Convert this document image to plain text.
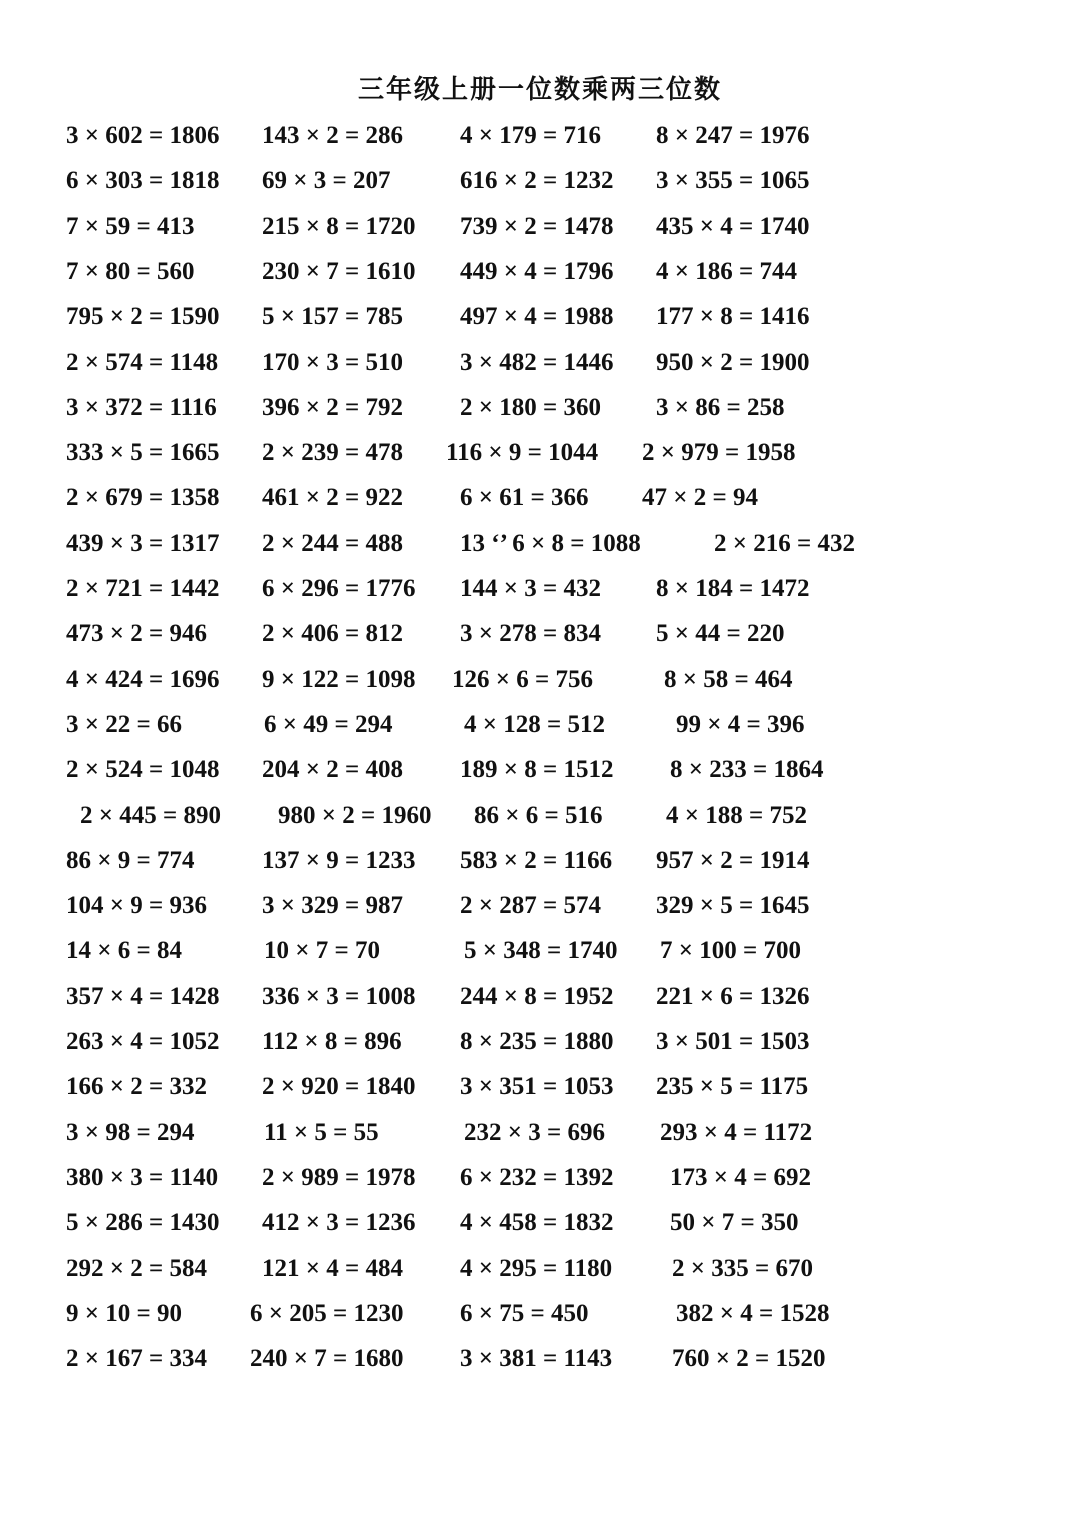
三年级上册一位数乘两三位数
3 × 602 = 1806 143 × 2 = 286 4 × 179 = 716 8 × 247 = 1976
6 × 303 = 1818 69 × 3 = 207	616 × 2 = 1232 3 × 355 = 1065
7 × 59 = 413	215 × 8 = 1720 739 × 2 = 1478 435 × 4 = 1740
7 × 80 = 560	230 × 7 = 1610 449 × 4 = 1796 4 × 186 = 744
795 × 2 = 1590 5 × 157 = 785 497 × 4 = 1988 177 × 8 = 1416
2 × 574 = 1148 170 × 3 = 510 3 × 482 = 1446 950 × 2 = 1900
3 × 372 = 1116 396 × 2 = 792 2 × 180 = 360 3 × 86 = 258
333 × 5 = 1665 2 × 239 = 478 116 × 9 = 1044 2 × 979 = 1958
2 × 679 = 1358 461 × 2 = 922 6 × 61 = 366 47 × 2 = 94
439 × 3 = 1317 2 × 244 = 488 13 ‘’ 6 × 8 = 1088	2 × 216 = 432
2 × 721 = 1442 6 × 296 = 1776 144 × 3 = 432 8 × 184 = 1472
473 × 2 = 946 2 × 406 = 812 3 × 278 = 834 5 × 44 = 220
4 × 424 = 1696 9 × 122 = 1098 126 × 6 = 756	8 × 58 = 464
3 × 22 = 66	6 × 49 = 294	4 × 128 = 512	99 × 4 = 396
2 × 524 = 1048 204 × 2 = 408 189 × 8 = 1512 8 × 233 = 1864
2 × 445 = 890 980 × 2 = 1960 86 × 6 = 516	4 × 188 = 752
86 × 9 = 774	137 × 9 = 1233 583 × 2 = 1166 957 × 2 = 1914
104 × 9 = 936 3 × 329 = 987 2 × 287 = 574 329 × 5 = 1645
14 × 6 = 84	10 × 7 = 70	5 × 348 = 1740 7 × 100 = 700
357 × 4 = 1428 336 × 3 = 1008 244 × 8 = 1952 221 × 6 = 1326
263 × 4 = 1052 112 × 8 = 896 8 × 235 = 1880 3 × 501 = 1503
166 × 2 = 332 2 × 920 = 1840 3 × 351 = 1053 235 × 5 = 1175
3 × 98 = 294	11 × 5 = 55	232 × 3 = 696 293 × 4 = 1172
380 × 3 = 1140 2 × 989 = 1978 6 × 232 = 1392 173 × 4 = 692
5 × 286 = 1430 412 × 3 = 1236 4 × 458 = 1832 50 × 7 = 350
292 × 2 = 584 121 × 4 = 484 4 × 295 = 1180 2 × 335 = 670
9 × 10 = 90	6 × 205 = 1230 6 × 75 = 450	382 × 4 = 1528
2 × 167 = 334 240 × 7 = 1680 3 × 381 = 1143 760 × 2 = 1520
